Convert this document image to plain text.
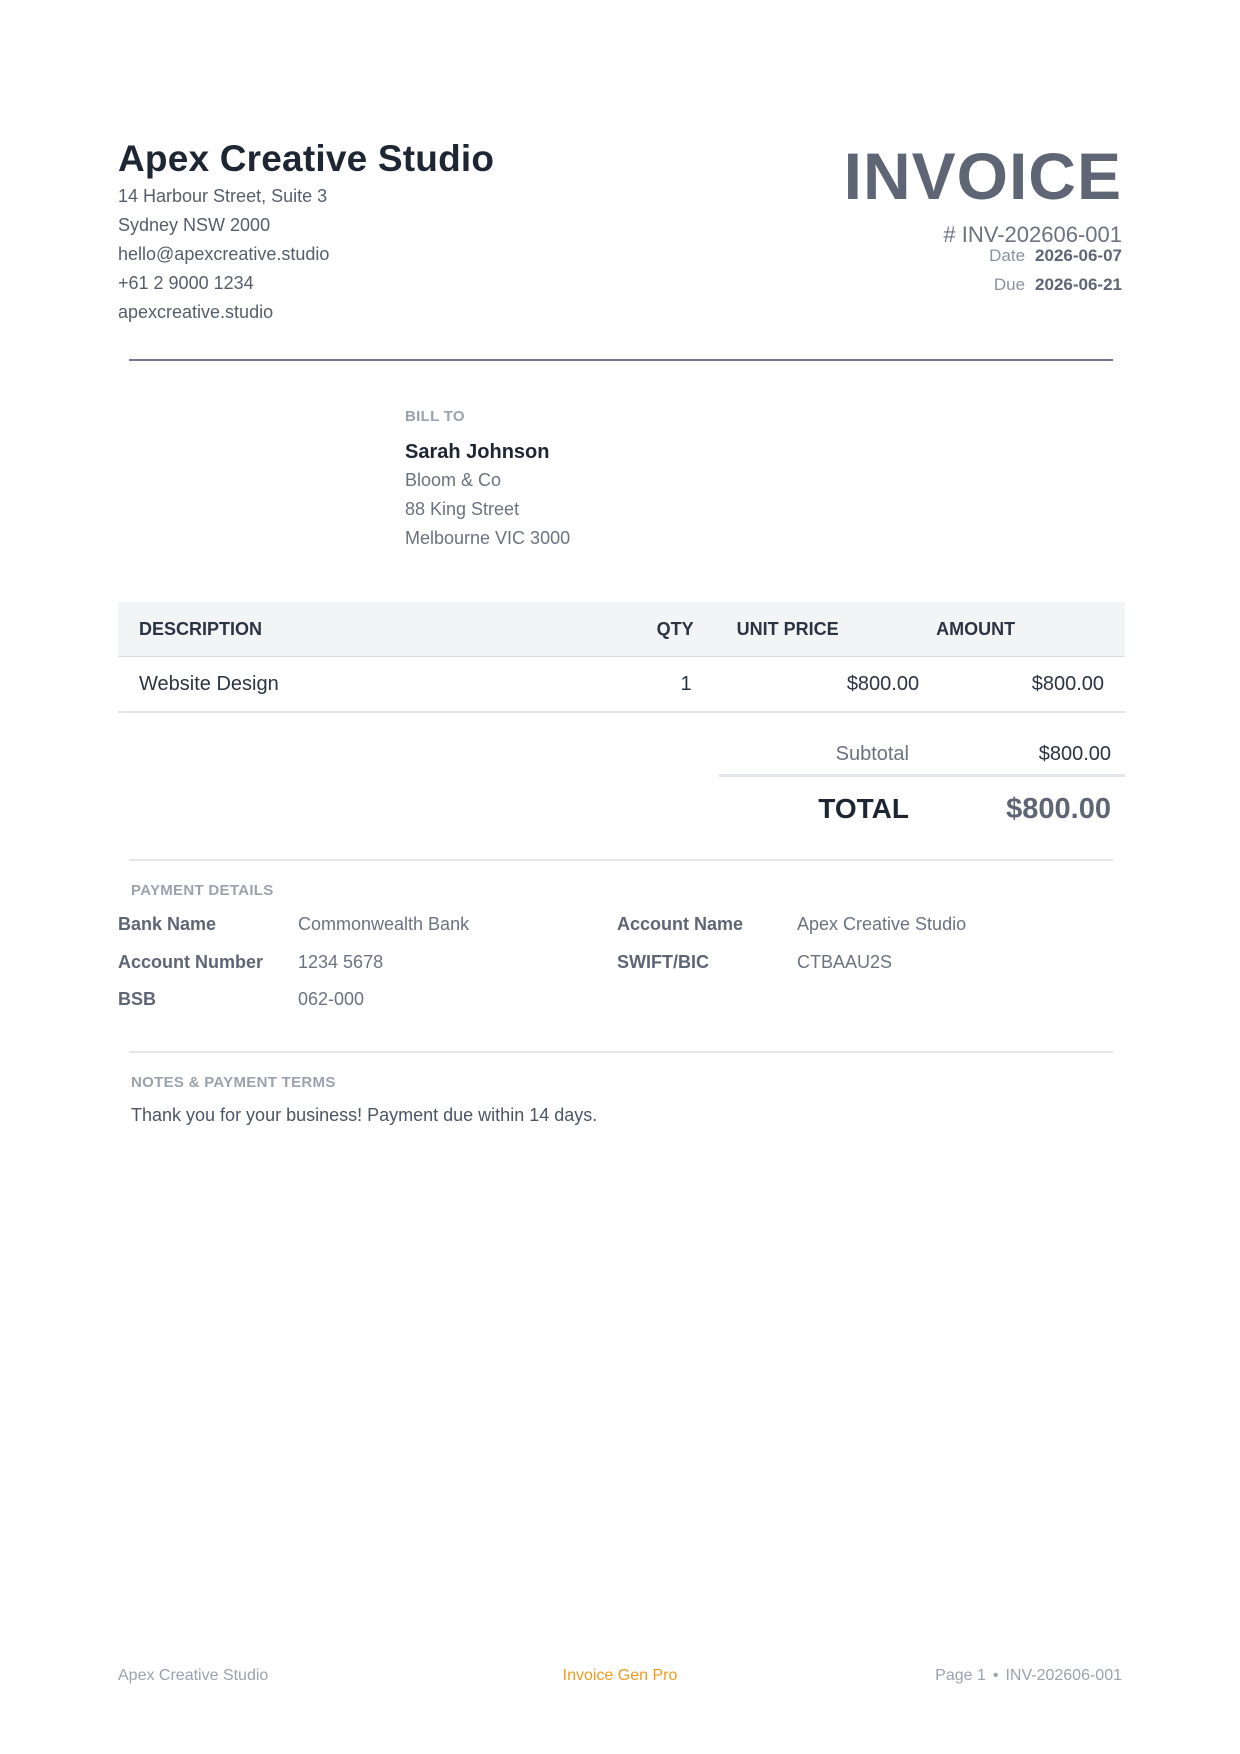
Apex Creative Studio
14 Harbour Street, Suite 3
Sydney NSW 2000
hello@apexcreative.studio
+61 2 9000 1234
apexcreative.studio
INVOICE
# INV-202606-001
Date 2026-06-07
Due 2026-06-21
BILL TO
Sarah Johnson
Bloom & Co
88 King Street
Melbourne VIC 3000
DESCRIPTION	QTY	UNIT PRICE	AMOUNT
Website Design	1	$800.00	$800.00
Subtotal	$800.00
TOTAL	$800.00
PAYMENT DETAILS
Bank Name	Commonwealth Bank
Account Number 1234 5678
BSB	062-000
Account Name	Apex Creative Studio
SWIFT/BIC	CTBAAU2S
NOTES & PAYMENT TERMS
Thank you for your business! Payment due within 14 days.
Apex Creative Studio	Invoice Gen Pro	Page 1 • INV-202606-001
